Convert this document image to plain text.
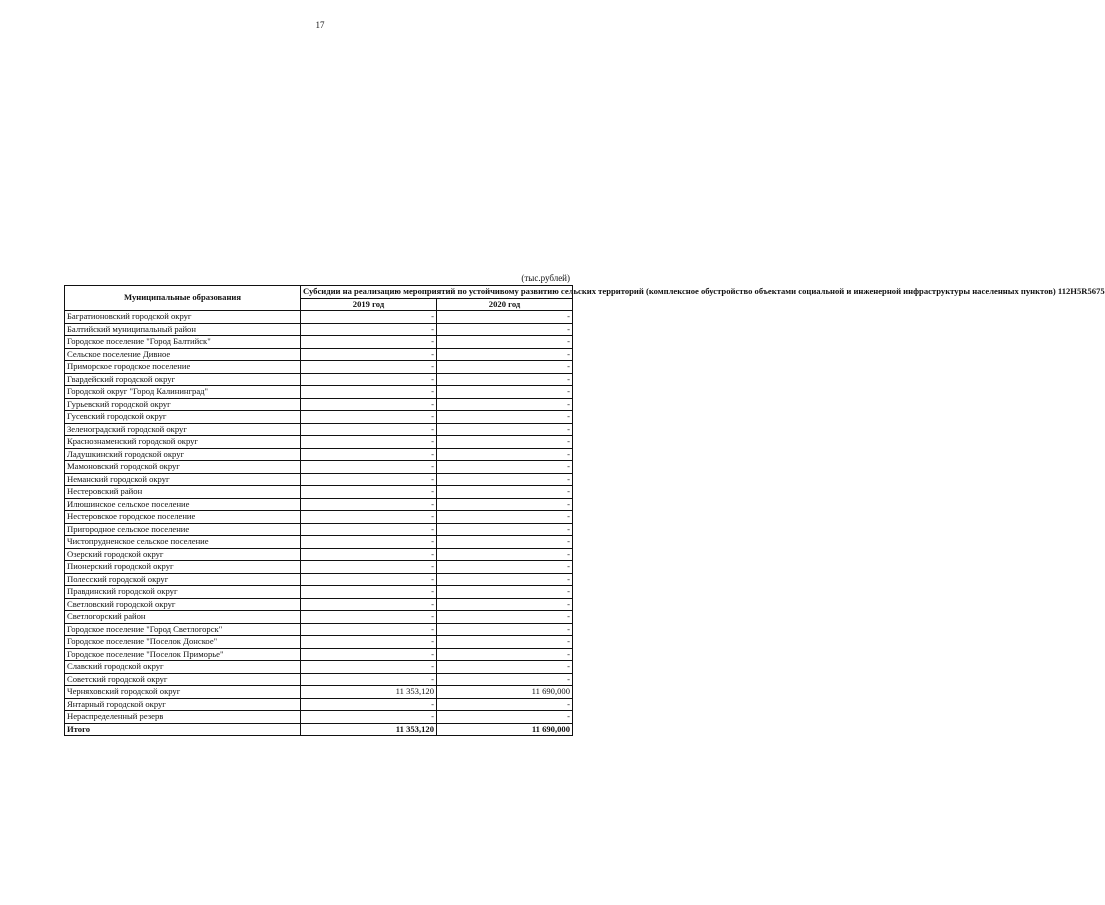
17
(тыс.рублей)
Муниципальные образования	Субсидии на реализацию мероприятий по устойчивому развитию сельских территорий (комплексное обустройство объектами социальной и инженерной инфраструктуры населенных пунктов) 112Н5R5675	
	2019 год	2020 год
Багратионовский городской округ	-	-
Балтийский муниципальный район	-	-
Городское поселение "Город Балтийск"	-	-
Сельское поселение Дивное	-	-
Приморское городское поселение	-	-
Гвардейский городской округ	-	-
Городской округ "Город Калининград"	-	-
Гурьевский городской округ	-	-
Гусевский городской округ	-	-
Зеленоградский городской округ	-	-
Краснознаменский городской округ	-	-
Ладушкинский городской округ	-	-
Мамоновский городской округ	-	-
Неманский городской округ	-	-
Нестеровский район	-	-
Илюшинское сельское поселение	-	-
Нестеровское городское поселение	-	-
Пригородное сельское поселение	-	-
Чистопрудненское сельское поселение	-	-
Озерский городской округ	-	-
Пионерский городской округ	-	-
Полесский городской округ	-	-
Правдинский городской округ	-	-
Светловский городской округ	-	-
Светлогорский район	-	-
Городское поселение "Город Светлогорск"	-	-
Городское поселение "Поселок Донское"	-	-
Городское поселение "Поселок Приморье"	-	-
Славский городской округ	-	-
Советский городской округ	-	-
Черняховский городской округ	11 353,120	11 690,000
Янтарный городской округ	-	-
Нераспределенный резерв	-	-
Итого	11 353,120	11 690,000
